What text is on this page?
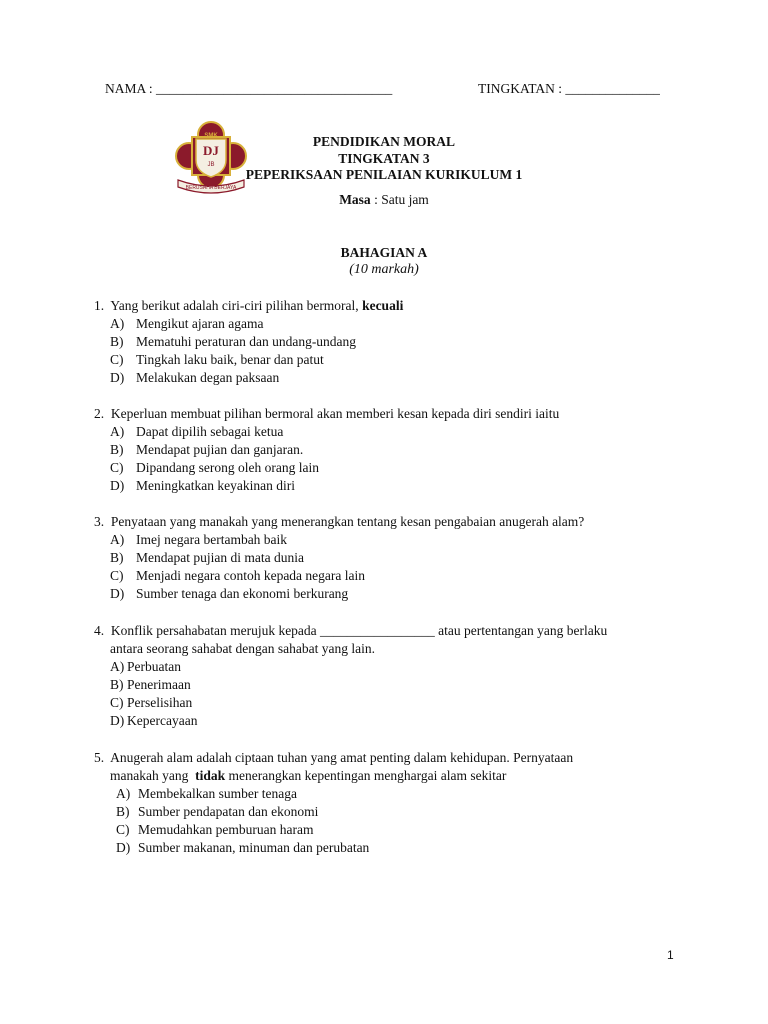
NAMA : ___________________________________	TINGKATAN : ______________
SMK
DJ
JB
BERUSAHA BERJAYA
PENDIDIKAN MORAL
TINGKATAN 3
PEPERIKSAAN PENILAIAN KURIKULUM 1
Masa : Satu jam
BAHAGIAN A
(10 markah)
1. Yang berikut adalah ciri-ciri pilihan bermoral, kecuali
A) Mengikut ajaran agama
B) Mematuhi peraturan dan undang-undang
C) Tingkah laku baik, benar dan patut
D) Melakukan degan paksaan
2. Keperluan membuat pilihan bermoral akan memberi kesan kepada diri sendiri iaitu
A) Dapat dipilih sebagai ketua
B) Mendapat pujian dan ganjaran.
C) Dipandang serong oleh orang lain
D) Meningkatkan keyakinan diri
3. Penyataan yang manakah yang menerangkan tentang kesan pengabaian anugerah alam?
A) Imej negara bertambah baik
B) Mendapat pujian di mata dunia
C) Menjadi negara contoh kepada negara lain
D) Sumber tenaga dan ekonomi berkurang
4. Konflik persahabatan merujuk kepada _________________ atau pertentangan yang berlaku
antara seorang sahabat dengan sahabat yang lain.
A) Perbuatan
B) Penerimaan
C) Perselisihan
D) Kepercayaan
5. Anugerah alam adalah ciptaan tuhan yang amat penting dalam kehidupan. Pernyataan
manakah yang  tidak menerangkan kepentingan menghargai alam sekitar
A) Membekalkan sumber tenaga
B) Sumber pendapatan dan ekonomi
C) Memudahkan pemburuan haram
D) Sumber makanan, minuman dan perubatan
1
